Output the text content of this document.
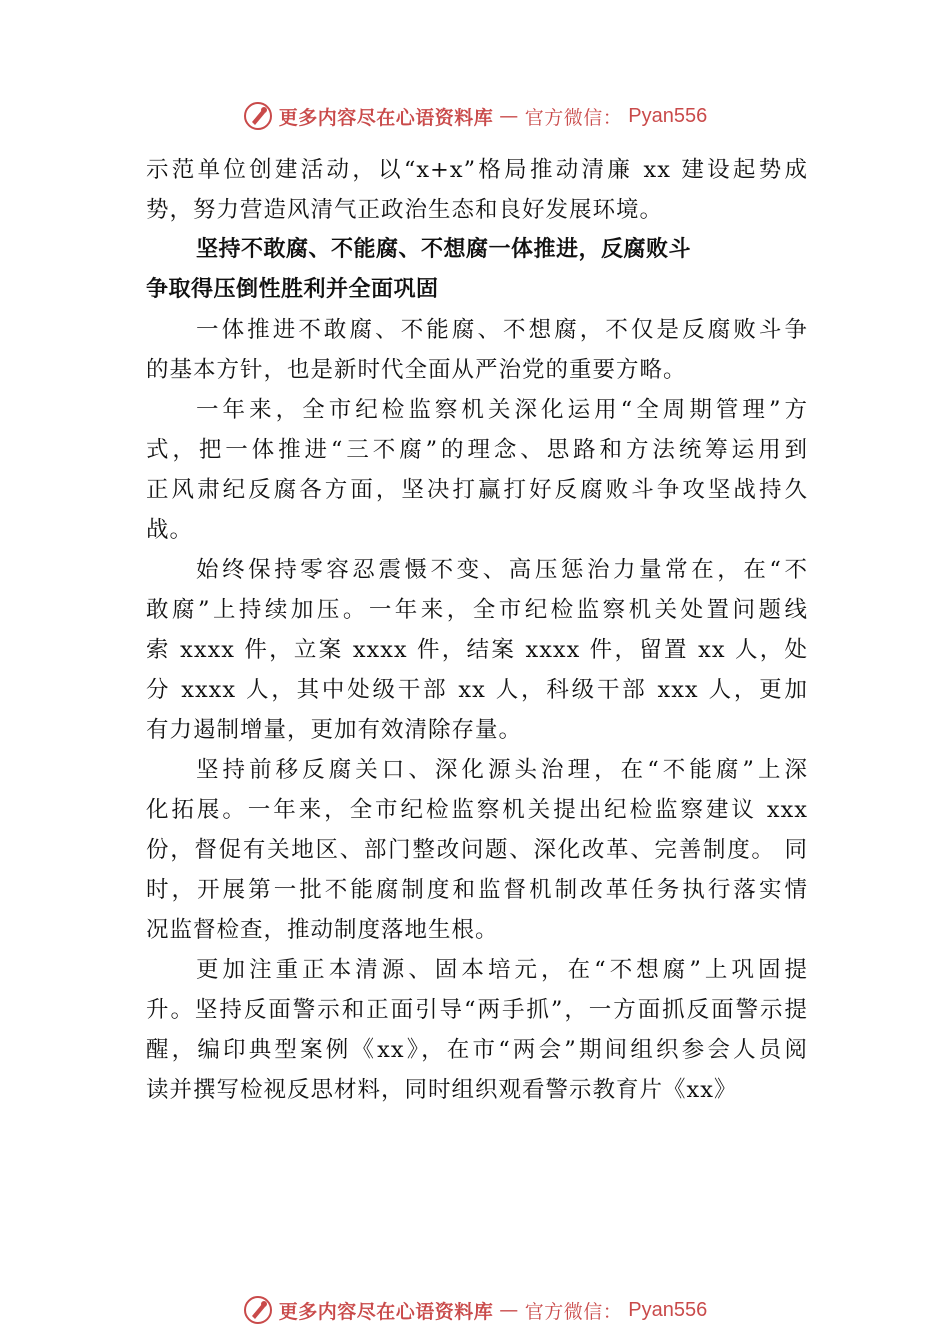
更多内容尽在心语资料库 — 官方微信： Pyan556
示范单位创建活动，以“x+x”格局推动清廉 xx 建设起势成
势，努力营造风清气正政治生态和良好发展环境。
坚持不敢腐、不能腐、不想腐一体推进，反腐败斗
争取得压倒性胜利并全面巩固
一体推进不敢腐、不能腐、不想腐，不仅是反腐败斗争
的基本方针，也是新时代全面从严治党的重要方略。
一年来，全市纪检监察机关深化运用“全周期管理”方
式，把一体推进“三不腐”的理念、思路和方法统筹运用到
正风肃纪反腐各方面，坚决打赢打好反腐败斗争攻坚战持久
战。
始终保持零容忍震慑不变、高压惩治力量常在，在“不
敢腐”上持续加压。一年来，全市纪检监察机关处置问题线
索 xxxx 件，立案 xxxx 件，结案 xxxx 件，留置 xx 人，处
分 xxxx 人，其中处级干部 xx 人，科级干部 xxx 人，更加
有力遏制增量，更加有效清除存量。
坚持前移反腐关口、深化源头治理，在“不能腐”上深
化拓展。一年来，全市纪检监察机关提出纪检监察建议 xxx
份，督促有关地区、部门整改问题、深化改革、完善制度。 同
时，开展第一批不能腐制度和监督机制改革任务执行落实情
况监督检查，推动制度落地生根。
更加注重正本清源、固本培元，在“不想腐”上巩固提
升。坚持反面警示和正面引导“两手抓”，一方面抓反面警示提
醒，编印典型案例《xx》，在市“两会”期间组织参会人员阅
读并撰写检视反思材料，同时组织观看警示教育片《xx》
更多内容尽在心语资料库 — 官方微信： Pyan556
